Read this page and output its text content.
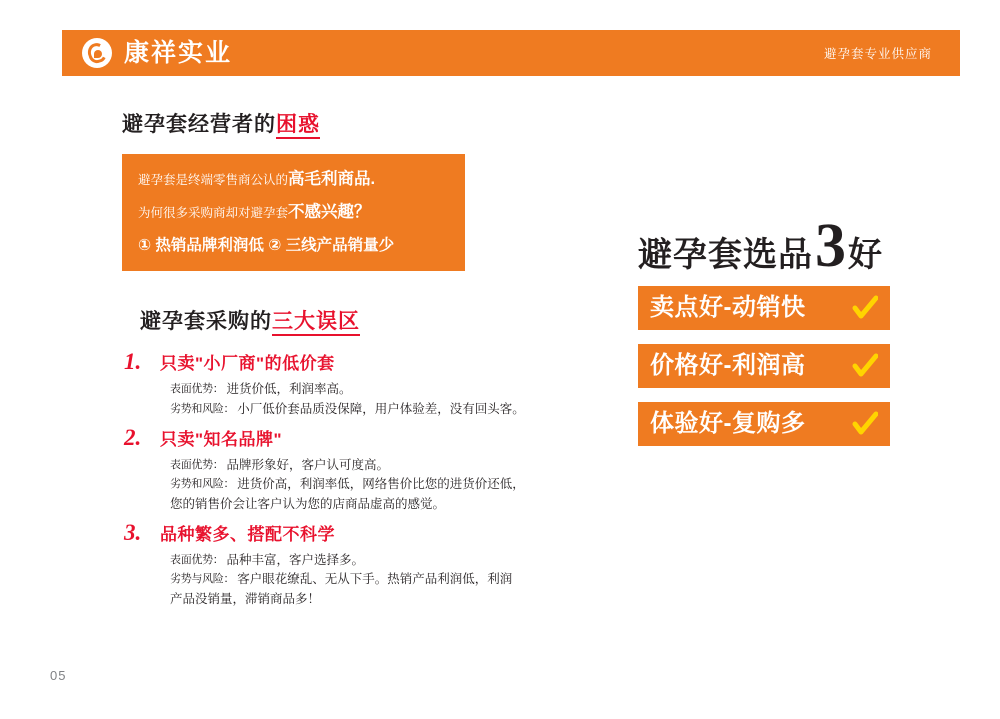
康祥实业	避孕套专业供应商
避孕套经营者的困惑
避孕套是终端零售商公认的高毛利商品.
为何很多采购商却对避孕套不感兴趣？
① 热销品牌利润低 ② 三线产品销量少
避孕套采购的三大误区
1.	只卖"小厂商"的低价套
表面优势： 进货价低，利润率高。
劣势和风险： 小厂低价套品质没保障，用户体验差，没有回头客。
2.	只卖"知名品牌"
表面优势： 品牌形象好，客户认可度高。
劣势和风险： 进货价高，利润率低，网络售价比您的进货价还低，
您的销售价会让客户认为您的店商品虚高的感觉。
3.	品种繁多、搭配不科学
表面优势： 品种丰富，客户选择多。
劣势与风险： 客户眼花缭乱、无从下手。热销产品利润低，利润
产品没销量，滞销商品多！
避孕套选品 3 好
卖点好-动销快
价格好-利润高
体验好-复购多
05
